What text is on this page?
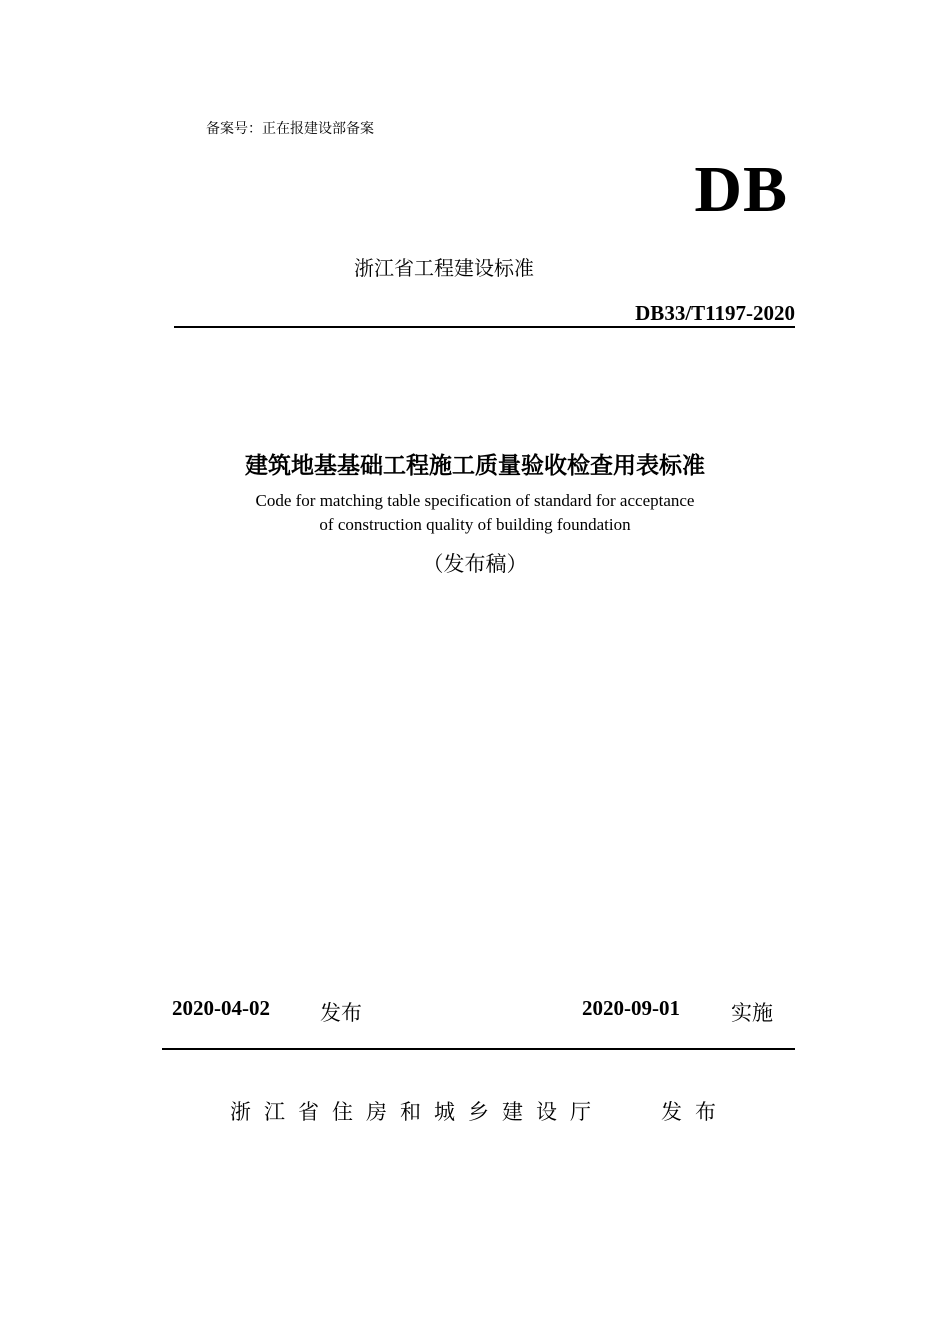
备案号：正在报建设部备案
DB
浙江省工程建设标准
DB33/T1197-2020
建筑地基基础工程施工质量验收检查用表标准
Code for matching table specification of standard for acceptance
of construction quality of building foundation
（发布稿）
2020-04-02 发布	2020-09-01 实施
浙江省住房和城乡建设厅	发布
